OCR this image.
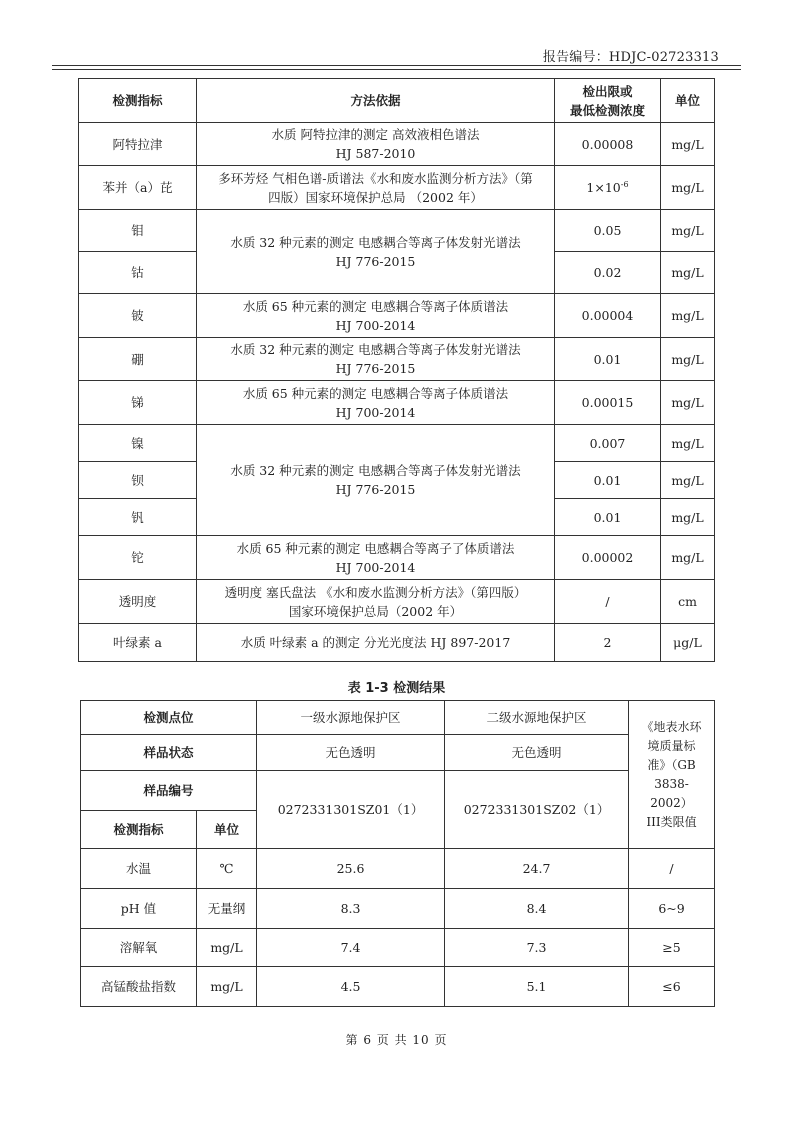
报告编号：HDJC-02723313
检测指标	方法依据	检出限或
最低检测浓度	单位
阿特拉津	水质 阿特拉津的测定 高效液相色谱法
HJ 587-2010	0.00008	mg/L
苯并（a）芘	多环芳烃 气相色谱-质谱法《水和废水监测分析方法》（第
四版）国家环境保护总局 （2002 年）	$1\times 10^{-6}$	mg/L
钼	水质 32 种元素的测定 电感耦合等离子体发射光谱法
HJ 776-2015	0.05	mg/L
钴		0.02	mg/L
铍	水质 65 种元素的测定 电感耦合等离子体质谱法
HJ 700-2014	0.00004	mg/L
硼	水质 32 种元素的测定 电感耦合等离子体发射光谱法
HJ 776-2015	0.01	mg/L
锑	水质 65 种元素的测定 电感耦合等离子体质谱法
HJ 700-2014	0.00015	mg/L
镍	水质 32 种元素的测定 电感耦合等离子体发射光谱法
HJ 776-2015	0.007	mg/L
钡		0.01	mg/L
钒		0.01	mg/L
铊	水质 65 种元素的测定 电感耦合等离子了体质谱法
HJ 700-2014	0.00002	mg/L
透明度	透明度 塞氏盘法 《水和废水监测分析方法》（第四版）
国家环境保护总局（2002 年）	/	cm
叶绿素 a	水质 叶绿素 a 的测定 分光光度法 HJ 897-2017	2	μg/L
表 1-3 检测结果
检测点位		一级水源地保护区	二级水源地保护区	《地表水环
境质量标
准》（GB
3838-2002）
III类限值
样品状态		无色透明	无色透明	
样品编号		0272331301SZ01（1）	0272331301SZ02（1）	
检测指标	单位			
水温	℃	25.6	24.7	/
pH 值	无量纲	8.3	8.4	6~9
溶解氧	mg/L	7.4	7.3	≥5
高锰酸盐指数	mg/L	4.5	5.1	≤6
第 6 页 共 10 页
